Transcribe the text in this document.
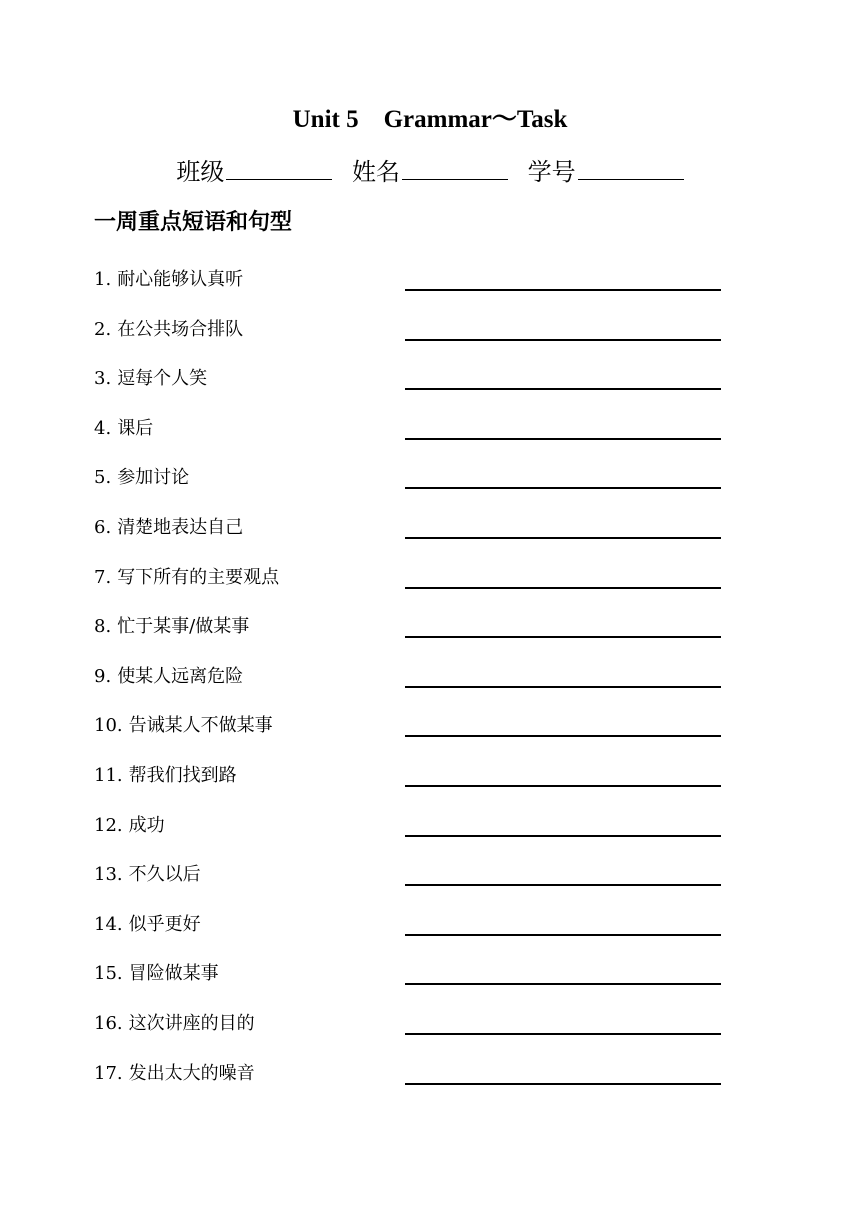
Unit 5　Grammar～Task
班级	姓名	学号
一周重点短语和句型
1. 耐心能够认真听
2. 在公共场合排队
3. 逗每个人笑
4. 课后
5. 参加讨论
6. 清楚地表达自己
7. 写下所有的主要观点
8. 忙于某事/做某事
9. 使某人远离危险
10. 告诫某人不做某事
11. 帮我们找到路
12. 成功
13. 不久以后
14. 似乎更好
15. 冒险做某事
16. 这次讲座的目的
17. 发出太大的噪音
